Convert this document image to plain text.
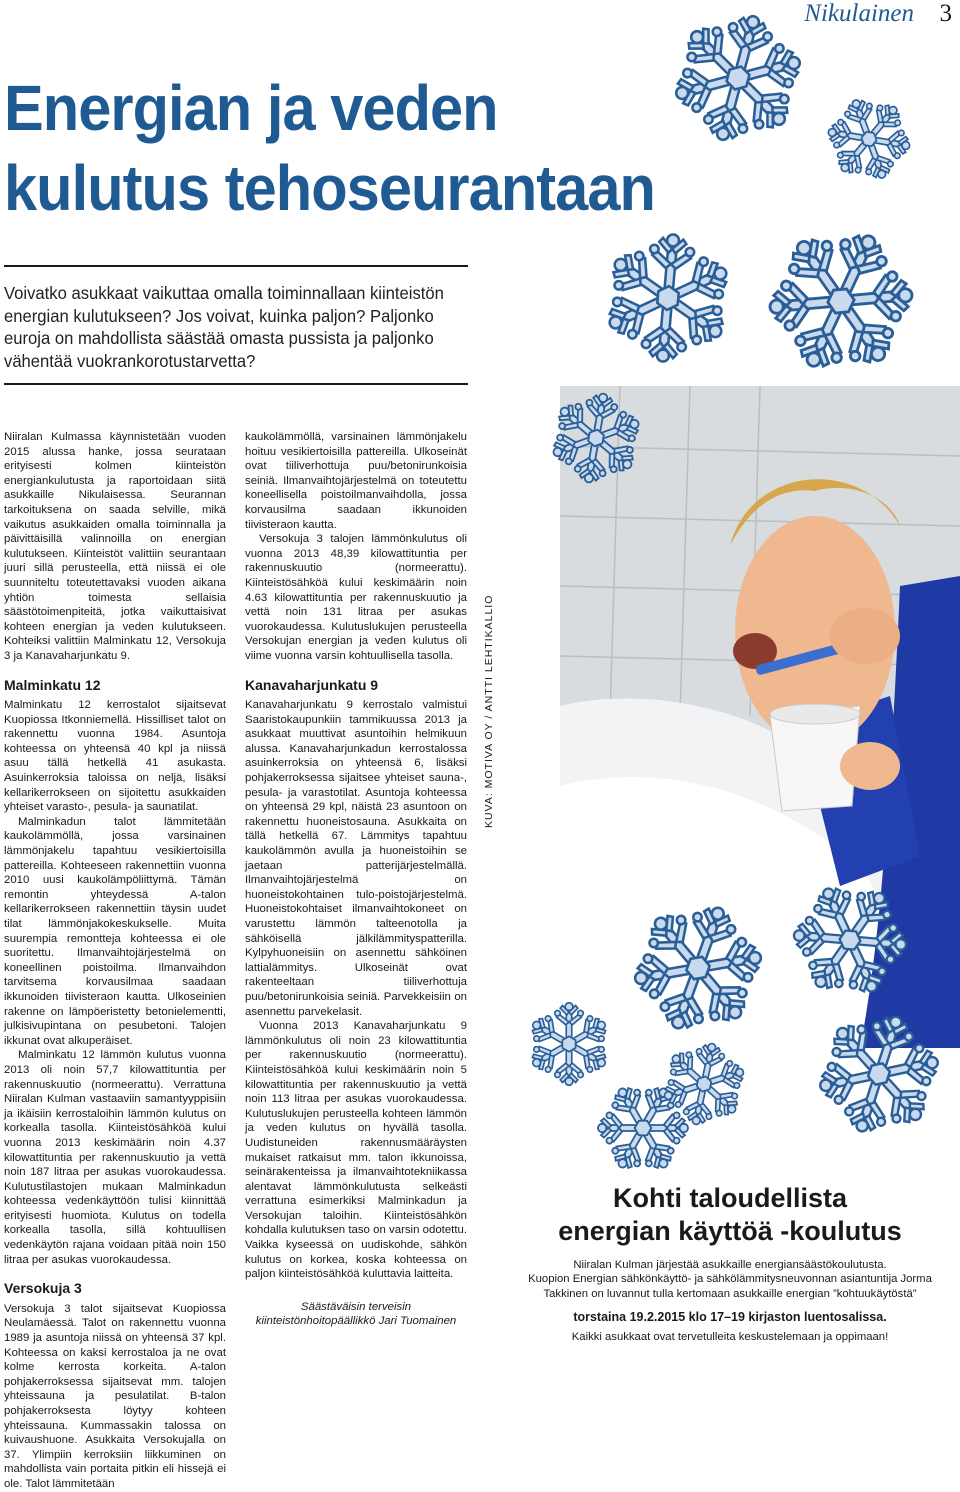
Nikulainen 3
Energian ja veden
kulutus tehoseurantaan
Voivatko asukkaat vaikuttaa omalla toiminnallaan kiinteistön energian kulutukseen? Jos voivat, kuinka paljon? Paljonko euroja on mahdollista säästää omasta pussista ja paljonko vähentää vuokrankorotustarvetta?

Niiralan Kulmassa käynnistetään vuoden 2015 alussa hanke, jossa seurataan erityisesti kolmen kiinteistön energiankulutusta ja raportoidaan siitä asukkaille Nikulaisessa. Seurannan tarkoituksena on saada selville, mikä vaikutus asukkaiden omalla toiminnalla ja päivittäisillä valinnoilla on energian kulutukseen. Kiinteistöt valittiin seurantaan juuri sillä perusteella, että niissä ei ole suunniteltu toteutettavaksi vuoden aikana yhtiön toimesta sellaisia säästötoimenpiteitä, jotka vaikuttaisivat kohteen energian ja veden kulutukseen. Kohteiksi valittiin Malminkatu 12, Versokuja 3 ja Kanavaharjunkatu 9.

Malminkatu 12

Malminkatu 12 kerrostalot sijaitsevat Kuopiossa Itkonniemellä. Hissilliset talot on rakennettu vuonna 1984. Asuntoja kohteessa on yhteensä 40 kpl ja niissä asuu tällä hetkellä 41 asukasta. Asuinkerroksia taloissa on neljä, lisäksi kellarikerrokseen on sijoitettu asukkaiden yhteiset varasto-, pesula- ja saunatilat.

Malminkadun talot lämmitetään kaukolämmöllä, jossa varsinainen lämmönjakelu tapahtuu vesikiertoisilla pattereilla. Kohteeseen rakennettiin vuonna 2010 uusi kaukolämpöliittymä. Tämän remontin yhteydessä A-talon kellarikerrokseen rakennettiin täysin uudet tilat lämmönjakokeskukselle. Muita suurempia remontteja kohteessa ei ole suoritettu. Ilmanvaihtojärjestelmä on koneellinen poistoilma. Ilmanvaihdon tarvitsema korvausilmaa saadaan ikkunoiden tiivisteraon kautta. Ulkoseinien rakenne on lämpöeristetty betonielementti, julkisivupintana on pesubetoni. Talojen ikkunat ovat alkuperäiset.

Malminkatu 12 lämmön kulutus vuonna 2013 oli noin 57,7 kilowattituntia per rakennuskuutio (normeerattu). Verrattuna Niiralan Kulman vastaaviin samantyyppisiin ja ikäisiin kerrostaloihin lämmön kulutus on korkealla tasolla. Kiinteistösähköä kului vuonna 2013 keskimäärin noin 4.37 kilowattituntia per rakennuskuutio ja vettä noin 187 litraa per asukas vuorokaudessa. Kulutustilastojen mukaan Malminkadun kohteessa vedenkäyttöön tulisi kiinnittää erityisesti huomiota. Kulutus on todella korkealla tasolla, sillä kohtuullisen vedenkäytön rajana voidaan pitää noin 150 litraa per asukas vuorokaudessa.

Versokuja 3

Versokuja 3 talot sijaitsevat Kuopiossa Neulamäessä. Talot on rakennettu vuonna 1989 ja asuntoja niissä on yhteensä 37 kpl. Kohteessa on kaksi kerrostaloa ja ne ovat kolme kerrosta korkeita. A-talon pohjakerroksessa sijaitsevat mm. talojen yhteissauna ja pesulatilat. B-talon pohjakerroksesta löytyy kohteen yhteissauna. Kummassakin talossa on kuivaushuone. Asukkaita Versokujalla on 37. Ylimpiin kerroksiin liikkuminen on mahdollista vain portaita pitkin eli hissejä ei ole. Talot lämmitetään

kaukolämmöllä, varsinainen lämmönjakelu hoituu vesikiertoisilla pattereilla. Ulkoseinät ovat tiiliverhottuja puu/betonirunkoisia seiniä. Ilmanvaihtojärjestelmä on toteutettu koneellisella poistoilmanvaihdolla, jossa korvausilma saadaan ikkunoiden tiivisteraon kautta.

Versokuja 3 talojen lämmönkulutus oli vuonna 2013 48,39 kilowattituntia per rakennuskuutio (normeerattu). Kiinteistösähköä kului keskimäärin noin 4.63 kilowattituntia per rakennuskuutio ja vettä noin 131 litraa per asukas vuorokaudessa. Kulutuslukujen perusteella Versokujan energian ja veden kulutus oli viime vuonna varsin kohtuullisella tasolla.

Kanavaharjunkatu 9

Kanavaharjunkatu 9 kerrostalo valmistui Saaristokaupunkiin tammikuussa 2013 ja asukkaat muuttivat asuntoihin helmikuun alussa. Kanavaharjunkadun kerrostalossa asuinkerroksia on yhteensä 6, lisäksi pohjakerroksessa sijaitsee yhteiset sauna-, pesula- ja varastotilat. Asuntoja kohteessa on yhteensä 29 kpl, näistä 23 asuntoon on rakennettu huoneistosauna. Asukkaita on tällä hetkellä 67. Lämmitys tapahtuu kaukolämmön avulla ja huoneistoihin se jaetaan patterijärjestelmällä. Ilmanvaihtojärjestelmä on huoneistokohtainen tulo-poistojärjestelmä. Huoneistokohtaiset ilmanvaihtokoneet on varustettu lämmön talteenotolla ja sähköisellä jälkilämmityspatterilla. Kylpyhuoneisiin on asennettu sähköinen lattialämmitys. Ulkoseinät ovat rakenteeltaan tiiliverhottuja puu/betonirunkoisia seiniä. Parvekkeisiin on asennettu parvekelasit.

Vuonna 2013 Kanavaharjunkatu 9 lämmönkulutus oli noin 23 kilowattituntia per rakennuskuutio (normeerattu). Kiinteistösähköä kului keskimäärin noin 5 kilowattituntia per rakennuskuutio ja vettä noin 113 litraa per asukas vuorokaudessa. Kulutuslukujen perusteella kohteen lämmön ja veden kulutus on hyvällä tasolla. Uudistuneiden rakennusmääräysten mukaiset ratkaisut mm. talon ikkunoissa, seinärakenteissa ja ilmanvaihtotekniikassa alentavat lämmönkulutusta selkeästi verrattuna esimerkiksi Malminkadun ja Versokujan taloihin. Kiinteistösähkön kohdalla kulutuksen taso on varsin odotettu. Vaikka kyseessä on uudiskohde, sähkön kulutus on korkea, koska kohteessa on paljon kiinteistösähköä kuluttavia laitteita.

Säästäväisin terveisin
kiinteistönhoitopäällikkö Jari Tuomainen
KUVA: MOTIVA OY / ANTTI LEHTIKALLIO
Kohti taloudellista
energian käyttöä -koulutus
Niiralan Kulman järjestää asukkaille energiansäästökoulutusta.
Kuopion Energian sähkönkäyttö- ja sähkölämmitysneuvonnan asiantuntija Jorma Takkinen on luvannut tulla kertomaan asukkaille energian ”kohtuukäytöstä”
torstaina 19.2.2015 klo 17–19 kirjaston luentosalissa.
Kaikki asukkaat ovat tervetulleita keskustelemaan ja oppimaan!
